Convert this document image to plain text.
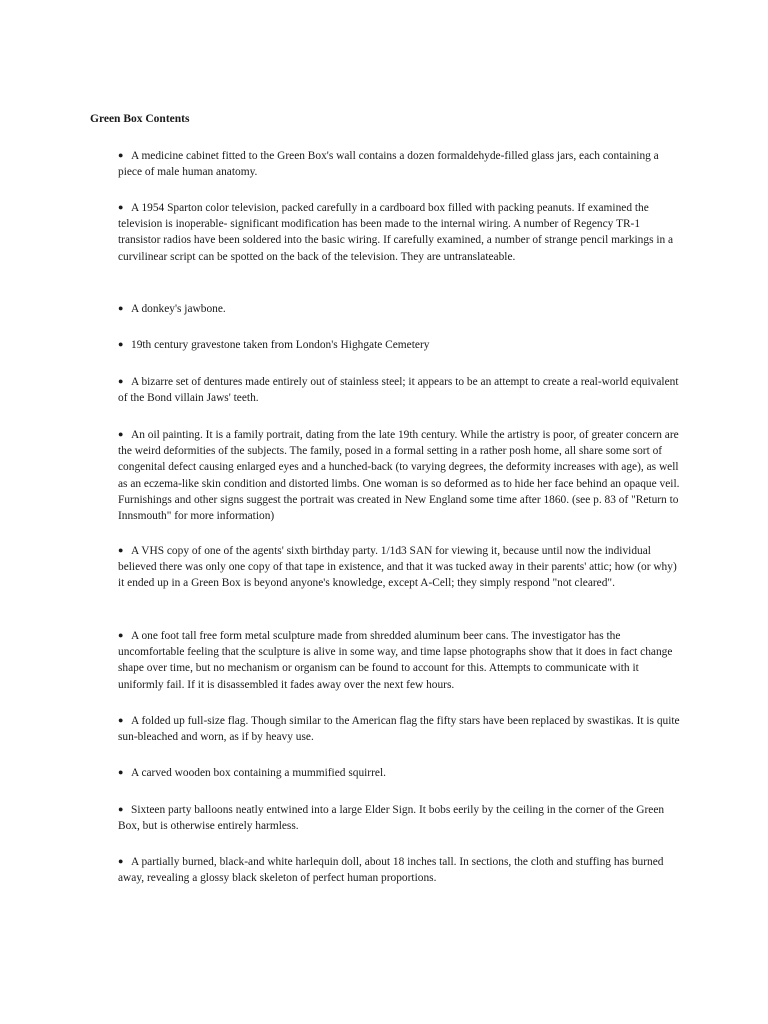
Green Box Contents
● A medicine cabinet fitted to the Green Box's wall contains a dozen formaldehyde-filled glass jars, each containing a piece of male human anatomy.
● A 1954 Sparton color television, packed carefully in a cardboard box filled with packing peanuts. If examined the television is inoperable- significant modification has been made to the internal wiring. A number of Regency TR-1 transistor radios have been soldered into the basic wiring. If carefully examined, a number of strange pencil markings in a curvilinear script can be spotted on the back of the television. They are untranslateable.
● A donkey's jawbone.
● 19th century gravestone taken from London's Highgate Cemetery
● A bizarre set of dentures made entirely out of stainless steel; it appears to be an attempt to create a real-world equivalent of the Bond villain Jaws' teeth.
● An oil painting. It is a family portrait, dating from the late 19th century. While the artistry is poor, of greater concern are the weird deformities of the subjects. The family, posed in a formal setting in a rather posh home, all share some sort of congenital defect causing enlarged eyes and a hunched-back (to varying degrees, the deformity increases with age), as well as an eczema-like skin condition and distorted limbs. One woman is so deformed as to hide her face behind an opaque veil. Furnishings and other signs suggest the portrait was created in New England some time after 1860. (see p. 83 of "Return to Innsmouth" for more information)
● A VHS copy of one of the agents' sixth birthday party. 1/1d3 SAN for viewing it, because until now the individual believed there was only one copy of that tape in existence, and that it was tucked away in their parents' attic; how (or why) it ended up in a Green Box is beyond anyone's knowledge, except A-Cell; they simply respond "not cleared".
● A one foot tall free form metal sculpture made from shredded aluminum beer cans. The investigator has the uncomfortable feeling that the sculpture is alive in some way, and time lapse photographs show that it does in fact change shape over time, but no mechanism or organism can be found to account for this. Attempts to communicate with it uniformly fail. If it is disassembled it fades away over the next few hours.
● A folded up full-size flag. Though similar to the American flag the fifty stars have been replaced by swastikas. It is quite sun-bleached and worn, as if by heavy use.
● A carved wooden box containing a mummified squirrel.
● Sixteen party balloons neatly entwined into a large Elder Sign. It bobs eerily by the ceiling in the corner of the Green Box, but is otherwise entirely harmless.
● A partially burned, black-and white harlequin doll, about 18 inches tall. In sections, the cloth and stuffing has burned away, revealing a glossy black skeleton of perfect human proportions.
